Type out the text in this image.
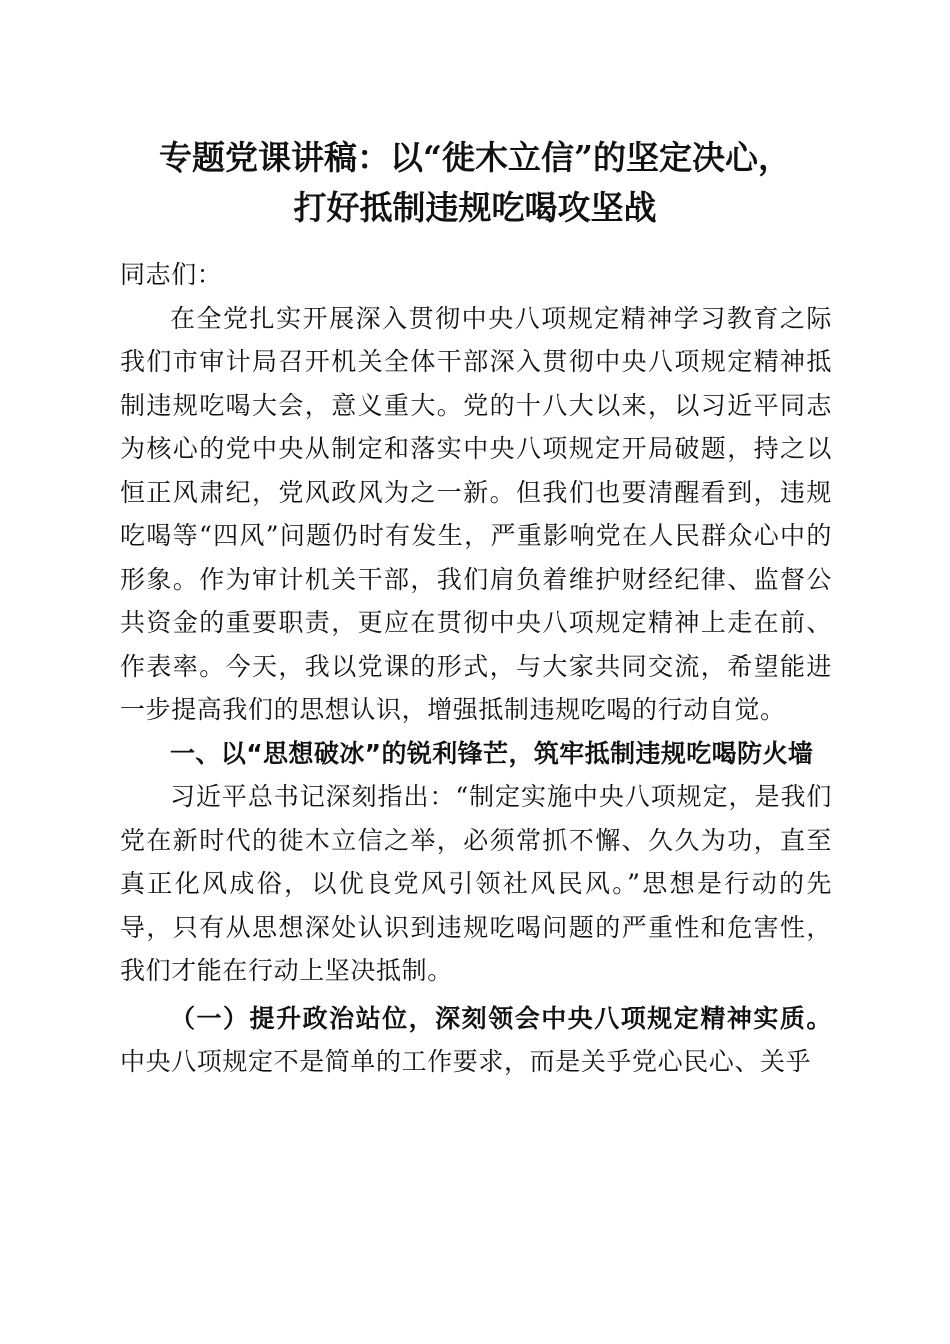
专题党课讲稿：以“徙木立信”的坚定决心，
打好抵制违规吃喝攻坚战

同志们：

在全党扎实开展深入贯彻中央八项规定精神学习教育之际我们市审计局召开机关全体干部深入贯彻中央八项规定精神抵制违规吃喝大会，意义重大。党的十八大以来，以习近平同志为核心的党中央从制定和落实中央八项规定开局破题，持之以恒正风肃纪，党风政风为之一新。但我们也要清醒看到，违规吃喝等“四风”问题仍时有发生，严重影响党在人民群众心中的形象。作为审计机关干部，我们肩负着维护财经纪律、监督公共资金的重要职责，更应在贯彻中央八项规定精神上走在前、作表率。今天，我以党课的形式，与大家共同交流，希望能进一步提高我们的思想认识，增强抵制违规吃喝的行动自觉。

一、以“思想破冰”的锐利锋芒，筑牢抵制违规吃喝防火墙

习近平总书记深刻指出：“制定实施中央八项规定，是我们党在新时代的徙木立信之举，必须常抓不懈、久久为功，直至真正化风成俗，以优良党风引领社风民风。”思想是行动的先导，只有从思想深处认识到违规吃喝问题的严重性和危害性，我们才能在行动上坚决抵制。

（一）提升政治站位，深刻领会中央八项规定精神实质。中央八项规定不是简单的工作要求，而是关乎党心民心、关乎
